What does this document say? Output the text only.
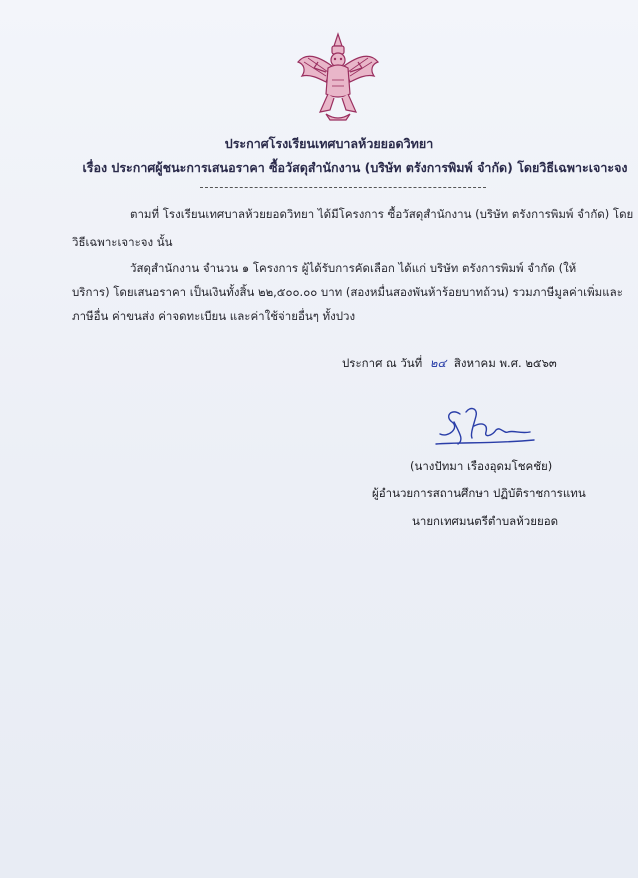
ประกาศโรงเรียนเทศบาลห้วยยอดวิทยา
เรื่อง ประกาศผู้ชนะการเสนอราคา ซื้อวัสดุสำนักงาน (บริษัท ตรังการพิมพ์ จำกัด) โดยวิธีเฉพาะเจาะจง
ตามที่ โรงเรียนเทศบาลห้วยยอดวิทยา ได้มีโครงการ ซื้อวัสดุสำนักงาน (บริษัท ตรังการพิมพ์ จำกัด) โดย
วิธีเฉพาะเจาะจง นั้น
วัสดุสำนักงาน จำนวน ๑ โครงการ ผู้ได้รับการคัดเลือก ได้แก่ บริษัท ตรังการพิมพ์ จำกัด (ให้
บริการ) โดยเสนอราคา เป็นเงินทั้งสิ้น ๒๒,๕๐๐.๐๐ บาท (สองหมื่นสองพันห้าร้อยบาทถ้วน) รวมภาษีมูลค่าเพิ่มและ
ภาษีอื่น ค่าขนส่ง ค่าจดทะเบียน และค่าใช้จ่ายอื่นๆ ทั้งปวง
ประกาศ ณ วันที่ ๒๔ สิงหาคม พ.ศ. ๒๕๖๓
(นางปัทมา เรืองอุดมโชคชัย)
ผู้อำนวยการสถานศึกษา ปฏิบัติราชการแทน
นายกเทศมนตรีตำบลห้วยยอด
